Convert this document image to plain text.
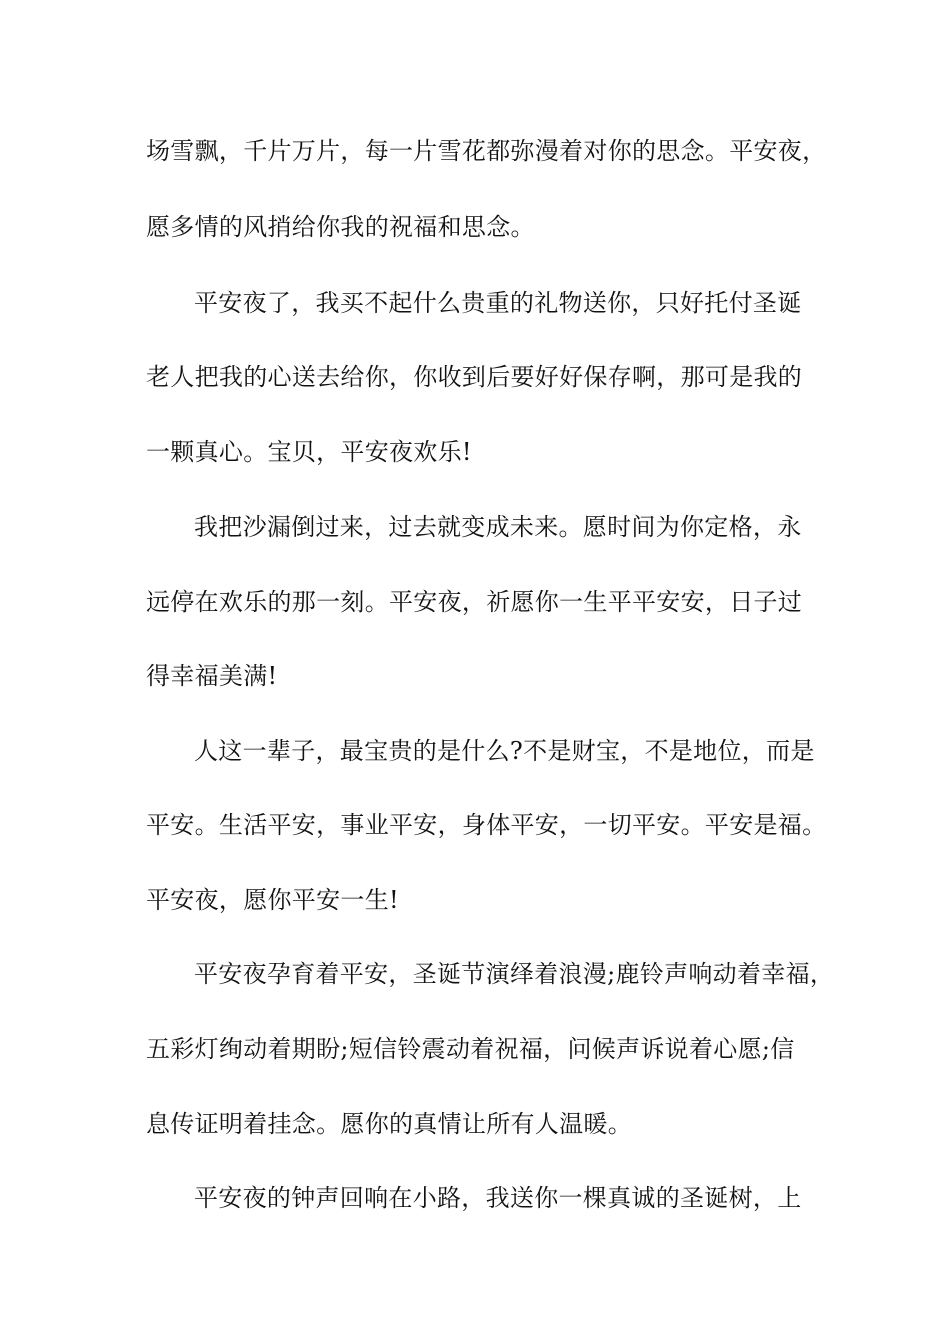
场雪飘，千片万片，每一片雪花都弥漫着对你的思念。平安夜，
愿多情的风捎给你我的祝福和思念。
平安夜了，我买不起什么贵重的礼物送你，只好托付圣诞
老人把我的心送去给你，你收到后要好好保存啊，那可是我的
一颗真心。宝贝，平安夜欢乐!
我把沙漏倒过来，过去就变成未来。愿时间为你定格，永
远停在欢乐的那一刻。平安夜，祈愿你一生平平安安，日子过
得幸福美满!
人这一辈子，最宝贵的是什么?不是财宝，不是地位，而是
平安。生活平安，事业平安，身体平安，一切平安。平安是福。
平安夜，愿你平安一生!
平安夜孕育着平安，圣诞节演绎着浪漫;鹿铃声响动着幸福，
五彩灯绚动着期盼;短信铃震动着祝福，问候声诉说着心愿;信
息传证明着挂念。愿你的真情让所有人温暖。
平安夜的钟声回响在小路，我送你一棵真诚的圣诞树，上
